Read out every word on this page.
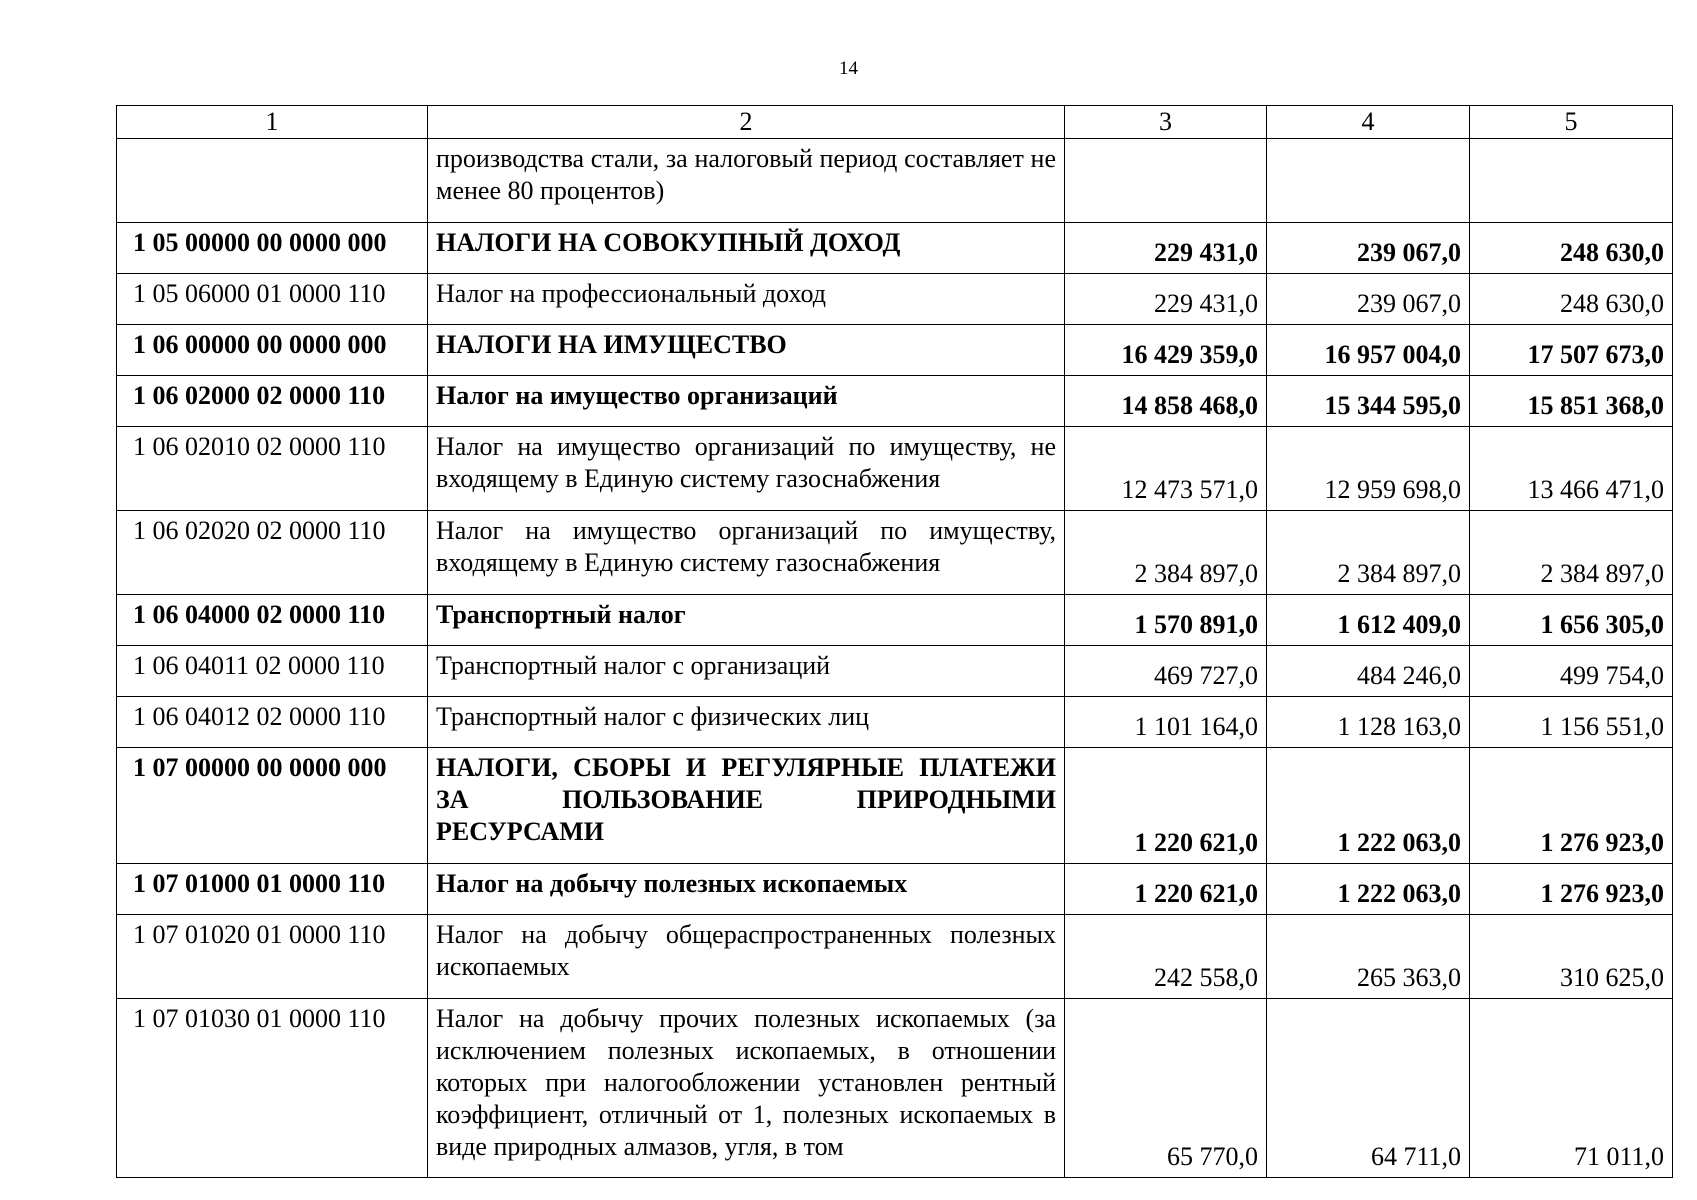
14
1	2	3	4	5
	производства стали, за налоговый период составляет не менее 80 процентов)			
1 05 00000 00 0000 000	НАЛОГИ НА СОВОКУПНЫЙ ДОХОД	229 431,0	239 067,0	248 630,0
1 05 06000 01 0000 110	Налог на профессиональный доход	229 431,0	239 067,0	248 630,0
1 06 00000 00 0000 000	НАЛОГИ НА ИМУЩЕСТВО	16 429 359,0	16 957 004,0	17 507 673,0
1 06 02000 02 0000 110	Налог на имущество организаций	14 858 468,0	15 344 595,0	15 851 368,0
1 06 02010 02 0000 110	Налог на имущество организаций по имуществу, не входящему в Единую систему газоснабжения	12 473 571,0	12 959 698,0	13 466 471,0
1 06 02020 02 0000 110	Налог на имущество организаций по имуществу, входящему в Единую систему газоснабжения	2 384 897,0	2 384 897,0	2 384 897,0
1 06 04000 02 0000 110	Транспортный налог	1 570 891,0	1 612 409,0	1 656 305,0
1 06 04011 02 0000 110	Транспортный налог с организаций	469 727,0	484 246,0	499 754,0
1 06 04012 02 0000 110	Транспортный налог с физических лиц	1 101 164,0	1 128 163,0	1 156 551,0
1 07 00000 00 0000 000	НАЛОГИ, СБОРЫ И РЕГУЛЯРНЫЕ ПЛАТЕЖИ ЗА ПОЛЬЗОВАНИЕ ПРИРОДНЫМИ РЕСУРСАМИ	1 220 621,0	1 222 063,0	1 276 923,0
1 07 01000 01 0000 110	Налог на добычу полезных ископаемых	1 220 621,0	1 222 063,0	1 276 923,0
1 07 01020 01 0000 110	Налог на добычу общераспространенных полезных ископаемых	242 558,0	265 363,0	310 625,0
1 07 01030 01 0000 110	Налог на добычу прочих полезных ископаемых (за исключением полезных ископаемых, в отношении которых при налогообложении установлен рентный коэффициент, отличный от 1, полезных ископаемых в виде природных алмазов, угля, в том	65 770,0	64 711,0	71 011,0
